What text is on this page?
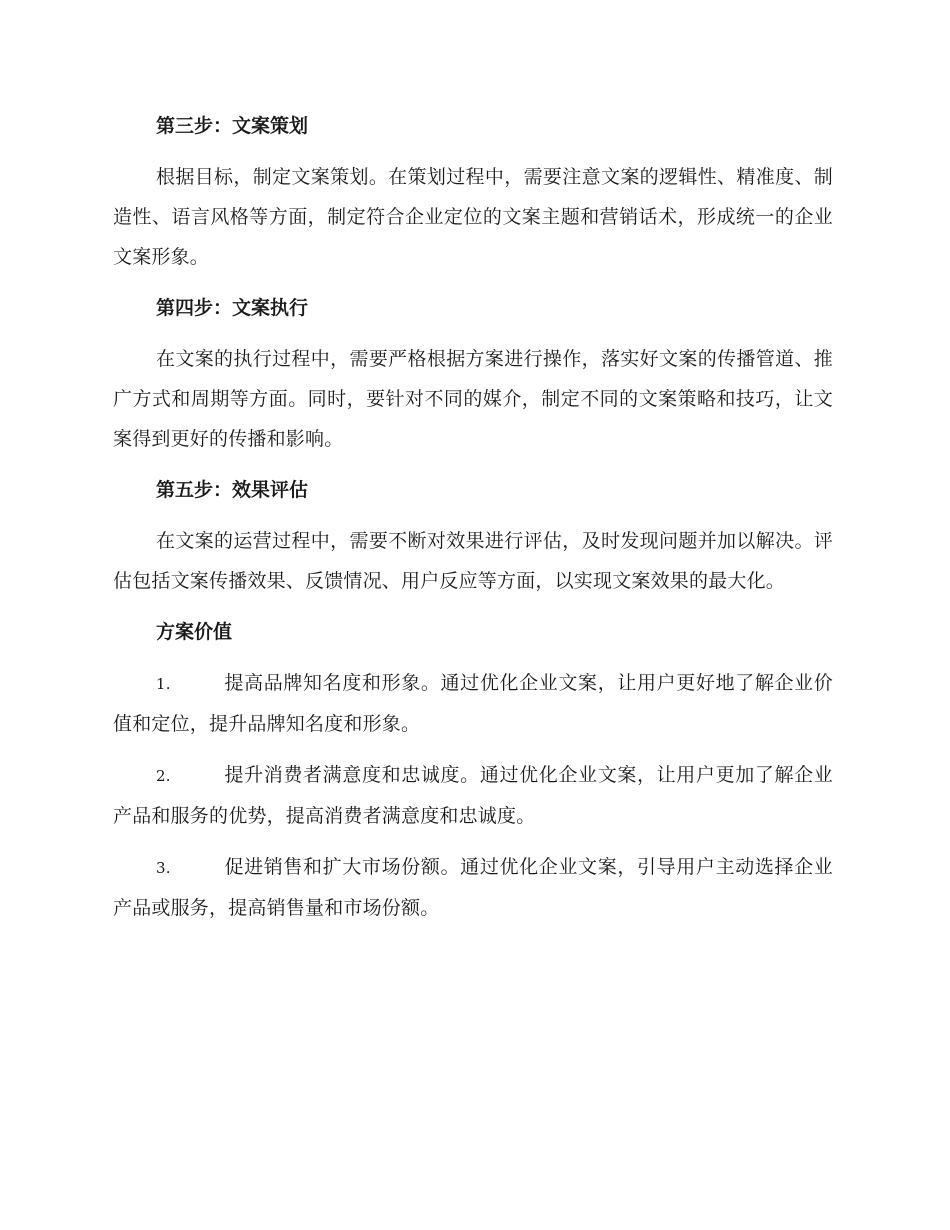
第三步：文案策划
根据目标，制定文案策划。在策划过程中，需要注意文案的逻辑性、精准度、制造性、语言风格等方面，制定符合企业定位的文案主题和营销话术，形成统一的企业文案形象。
第四步：文案执行
在文案的执行过程中，需要严格根据方案进行操作，落实好文案的传播管道、推广方式和周期等方面。同时，要针对不同的媒介，制定不同的文案策略和技巧，让文案得到更好的传播和影响。
第五步：效果评估
在文案的运营过程中，需要不断对效果进行评估，及时发现问题并加以解决。评估包括文案传播效果、反馈情况、用户反应等方面，以实现文案效果的最大化。
方案价值
1.	提高品牌知名度和形象。通过优化企业文案，让用户更好地了解企业价值和定位，提升品牌知名度和形象。
2.	提升消费者满意度和忠诚度。通过优化企业文案，让用户更加了解企业产品和服务的优势，提高消费者满意度和忠诚度。
3.	促进销售和扩大市场份额。通过优化企业文案，引导用户主动选择企业产品或服务，提高销售量和市场份额。
